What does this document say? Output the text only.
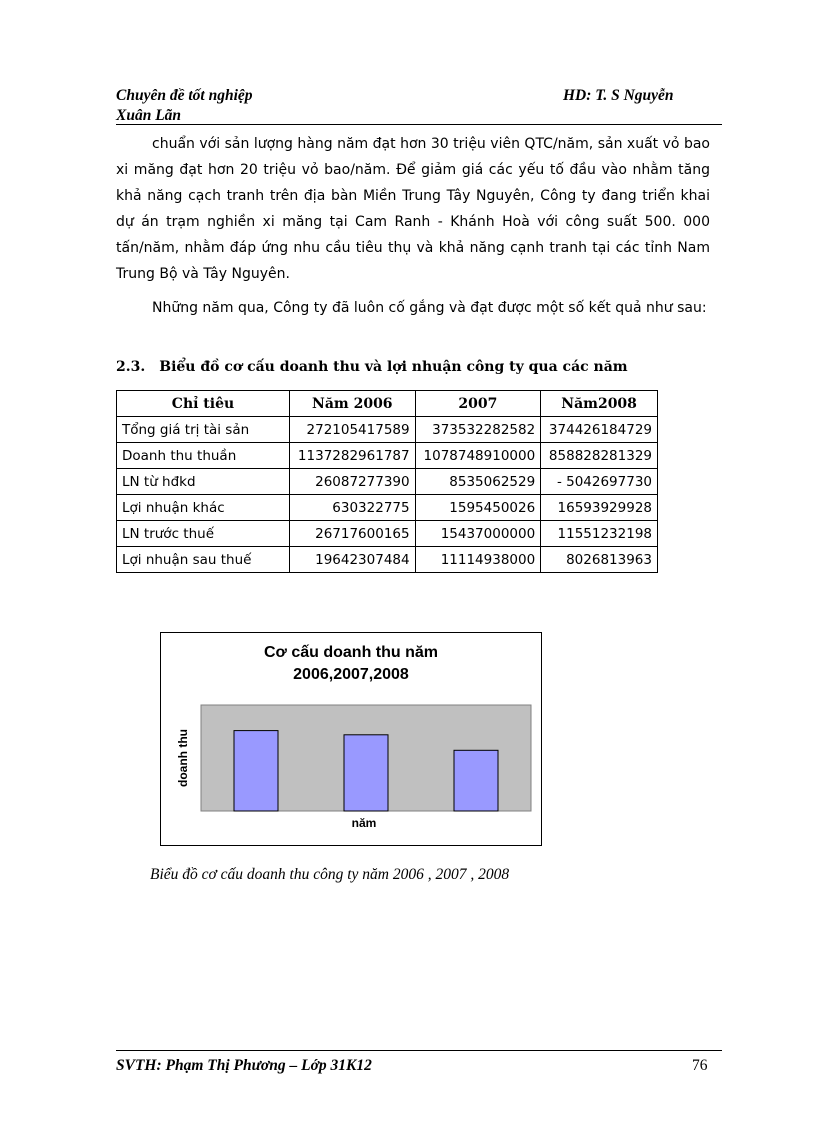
Chuyên đề tốt nghiệp
Xuân Lãn
HD: T. S Nguyễn
chuẩn với sản lượng hàng năm đạt hơn 30 triệu viên QTC/năm, sản xuất vỏ bao xi măng đạt hơn 20 triệu vỏ bao/năm. Để giảm giá các yếu tố đầu vào nhằm tăng khả năng cạch tranh trên địa bàn Miền Trung Tây Nguyên, Công ty đang triển khai dự án trạm nghiền xi măng tại Cam Ranh - Khánh Hoà với công suất 500. 000 tấn/năm, nhằm đáp ứng nhu cầu tiêu thụ và khả năng cạnh tranh tại các tỉnh Nam Trung Bộ và Tây Nguyên.
Những năm qua, Công ty đã luôn cố gắng và đạt được một số kết quả như sau:
2.3. Biểu đồ cơ cấu doanh thu và lợi nhuận công ty qua các năm
Chỉ tiêu	Năm 2006	2007	Năm2008
Tổng giá trị tài sản	272105417589	373532282582	374426184729
Doanh thu thuần	1137282961787	1078748910000	858828281329
LN từ hđkd	26087277390	8535062529	- 5042697730
Lợi nhuận khác	630322775	1595450026	16593929928
LN trước thuế	26717600165	15437000000	11551232198
Lợi nhuận sau thuế	19642307484	11114938000	8026813963
Cơ cấu doanh thu năm
2006,2007,2008
doanh thu
năm
Biểu đồ cơ cấu doanh thu công ty năm 2006 , 2007 , 2008
SVTH: Phạm Thị Phương – Lớp 31K12	76
